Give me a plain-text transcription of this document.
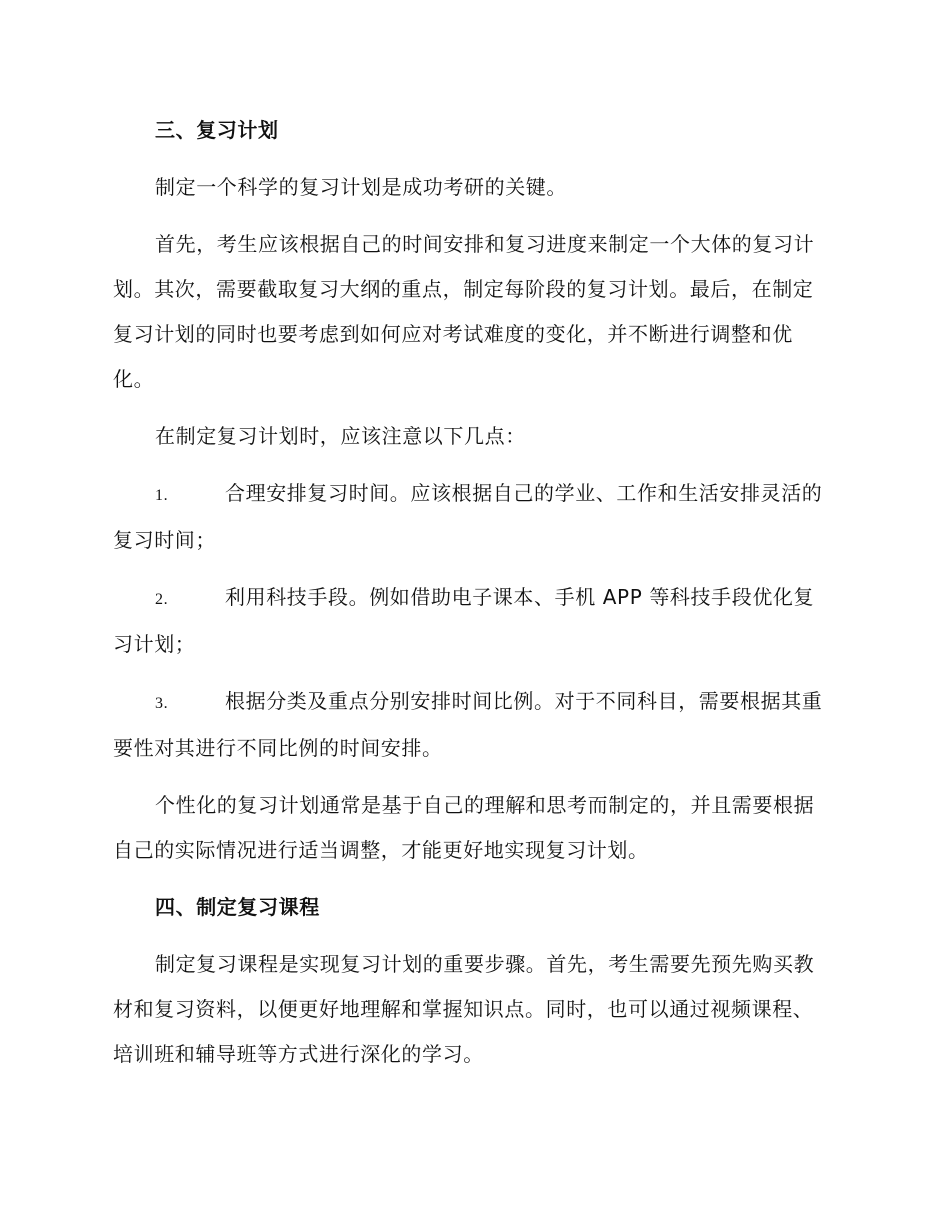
三、复习计划

制定一个科学的复习计划是成功考研的关键。

首先，考生应该根据自己的时间安排和复习进度来制定一个大体的复习计划。其次，需要截取复习大纲的重点，制定每阶段的复习计划。最后，在制定复习计划的同时也要考虑到如何应对考试难度的变化，并不断进行调整和优化。

在制定复习计划时，应该注意以下几点：

1.	合理安排复习时间。应该根据自己的学业、工作和生活安排灵活的复习时间；

2.	利用科技手段。例如借助电子课本、手机 APP 等科技手段优化复习计划；

3.	根据分类及重点分别安排时间比例。对于不同科目，需要根据其重要性对其进行不同比例的时间安排。

个性化的复习计划通常是基于自己的理解和思考而制定的，并且需要根据自己的实际情况进行适当调整，才能更好地实现复习计划。

四、制定复习课程

制定复习课程是实现复习计划的重要步骤。首先，考生需要先预先购买教材和复习资料，以便更好地理解和掌握知识点。同时，也可以通过视频课程、培训班和辅导班等方式进行深化的学习。
